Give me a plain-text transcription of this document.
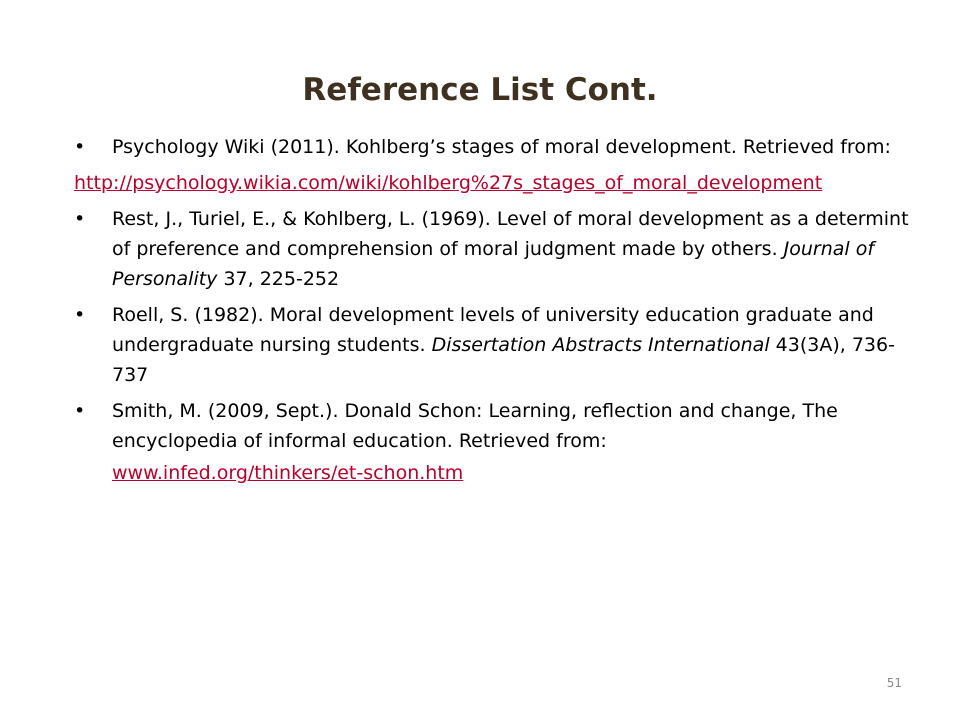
Reference List Cont.
• Psychology Wiki (2011). Kohlberg’s stages of moral development. Retrieved from:
http://psychology.wikia.com/wiki/kohlberg%27s_stages_of_moral_development
• Rest, J., Turiel, E., & Kohlberg, L. (1969). Level of moral development as a determint of preference and comprehension of moral judgment made by others. Journal of Personality 37, 225-252
• Roell, S. (1982). Moral development levels of university education graduate and undergraduate nursing students. Dissertation Abstracts International 43(3A), 736-737
• Smith, M. (2009, Sept.). Donald Schon: Learning, reflection and change, The encyclopedia of informal education. Retrieved from:
www.infed.org/thinkers/et-schon.htm
51
